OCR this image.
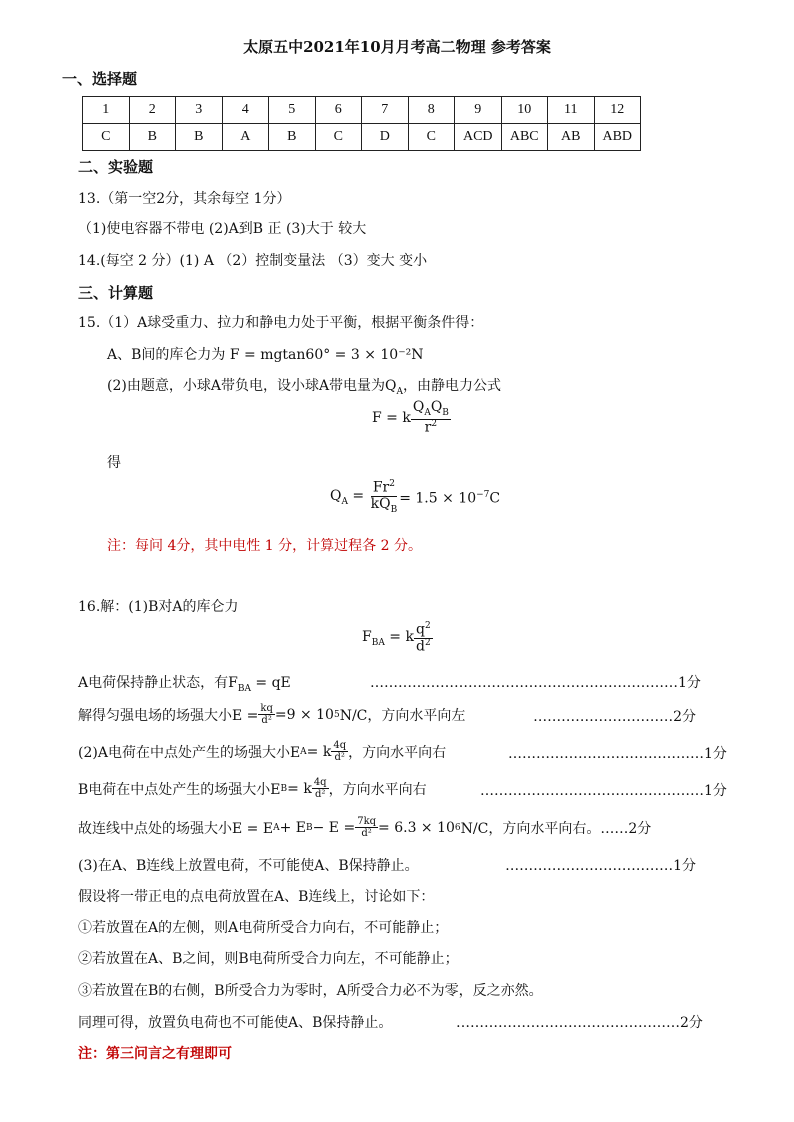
太原五中2021年10月月考高二物理 参考答案
一、选择题
1	2	3	4	5	6	7	8	9	10	11	12
C	B	B	A	B	C	D	C	ACD	ABC	AB	ABD
二、实验题
13.（第一空2分，其余每空 1分）
（1)使电容器不带电 (2)A到B 正 (3)大于 较大
14.(每空 2 分）(1) A （2）控制变量法 （3）变大 变小
三、计算题
15.（1）A球受重力、拉力和静电力处于平衡，根据平衡条件得：
A、B间的库仑力为 F = mgtan60° = 3 × 10⁻²N
(2)由题意，小球A带负电，设小球A带电量为$Q_A$，由静电力公式
F = k $\frac{Q_AQ_B}{r^2}$
得
$Q_A = \frac{Fr^2}{kQ_B} = 1.5 \times 10^{-7}C$
注：每问 4分，其中电性 1 分，计算过程各 2 分。
16.解：(1)B对A的库仑力
$F_{BA} = k \frac{q^2}{d^2}$
A电荷保持静止状态，有$F_{BA}$ = qE	…………………………………………………………1分
解得匀强电场的场强大小$E = \frac{kq}{\text{d²}} =9 \times 10$ 5 N/C，方向水平向左	…………………………2分
(2)A电荷在中点处产生的场强大小E A = k $\frac{4q}{\text{d²}}$ ，方向水平向右	……………………………………1分
B电荷在中点处产生的场强大小E B = k $\frac{4q}{\text{d²}}$ ，方向水平向右	…………………………………………1分
故连线中点处的场强大小E = E A + E $B - E = \frac{7kq}{\text{d²}} = 6.3 \times 10$ 6 N/C，方向水平向右。……2分
(3)在A、B连线上放置电荷，不可能使A、B保持静止。	………………………………1分
假设将一带正电的点电荷放置在A、B连线上，讨论如下：
①若放置在A的左侧，则A电荷所受合力向右，不可能静止；
②若放置在A、B之间，则B电荷所受合力向左，不可能静止；
③若放置在B的右侧，B所受合力为零时，A所受合力必不为零，反之亦然。
同理可得，放置负电荷也不可能使A、B保持静止。	…………………………………………2分
注：第三问言之有理即可
